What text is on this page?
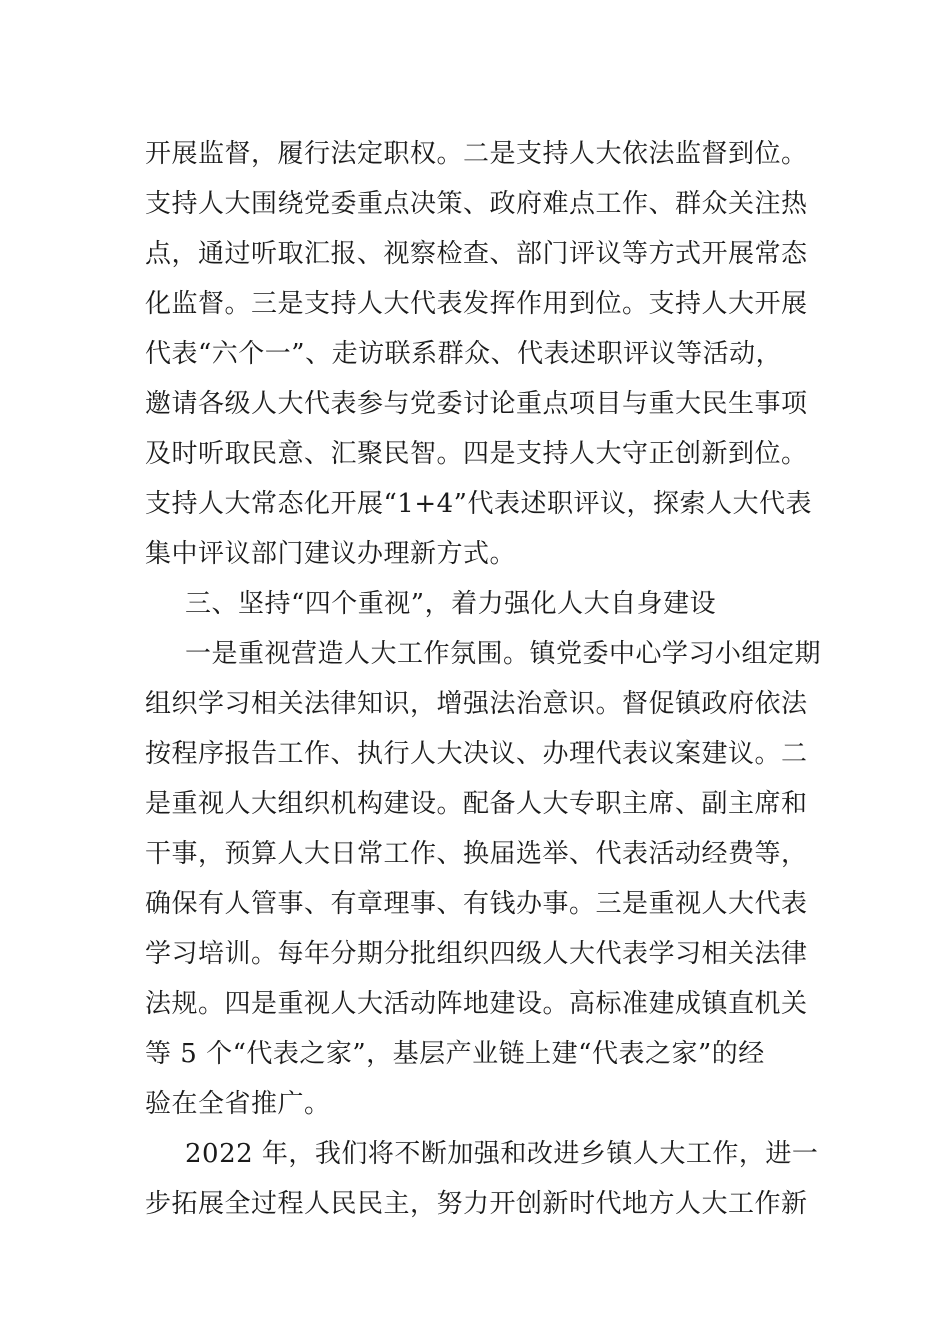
开展监督，履行法定职权。二是支持人大依法监督到位。
支持人大围绕党委重点决策、政府难点工作、群众关注热
点，通过听取汇报、视察检查、部门评议等方式开展常态
化监督。三是支持人大代表发挥作用到位。支持人大开展
代表“六个一”、走访联系群众、代表述职评议等活动，
邀请各级人大代表参与党委讨论重点项目与重大民生事项
及时听取民意、汇聚民智。四是支持人大守正创新到位。
支持人大常态化开展“1+4”代表述职评议，探索人大代表
集中评议部门建议办理新方式。
三、坚持“四个重视”，着力强化人大自身建设
一是重视营造人大工作氛围。镇党委中心学习小组定期
组织学习相关法律知识，增强法治意识。督促镇政府依法
按程序报告工作、执行人大决议、办理代表议案建议。二
是重视人大组织机构建设。配备人大专职主席、副主席和
干事，预算人大日常工作、换届选举、代表活动经费等，
确保有人管事、有章理事、有钱办事。三是重视人大代表
学习培训。每年分期分批组织四级人大代表学习相关法律
法规。四是重视人大活动阵地建设。高标准建成镇直机关
等 5 个“代表之家”，基层产业链上建“代表之家”的经
验在全省推广。
2022 年，我们将不断加强和改进乡镇人大工作，进一
步拓展全过程人民民主，努力开创新时代地方人大工作新
